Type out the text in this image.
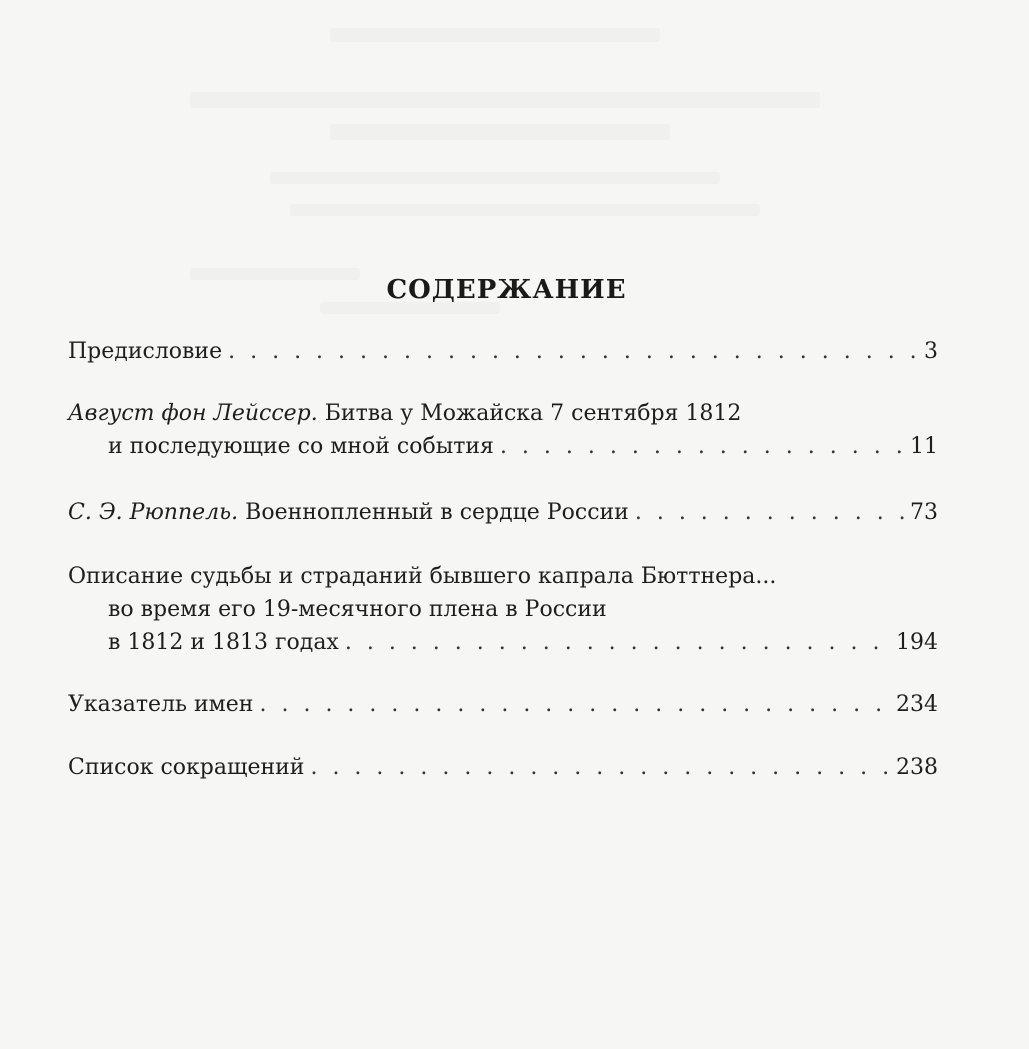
СОДЕРЖАНИЕ
Предисловие . . .	3
Август фон Лейссер. Битва у Можайска 7 сентября 1812
и последующие со мной события . . .	11
С. Э. Рюппель. Военнопленный в сердце России . . .	73
Описание судьбы и страданий бывшего капрала Бюттнера...
во время его 19-месячного плена в России
в 1812 и 1813 годах . . .	194
Указатель имен . . .	234
Список сокращений . . .	238
